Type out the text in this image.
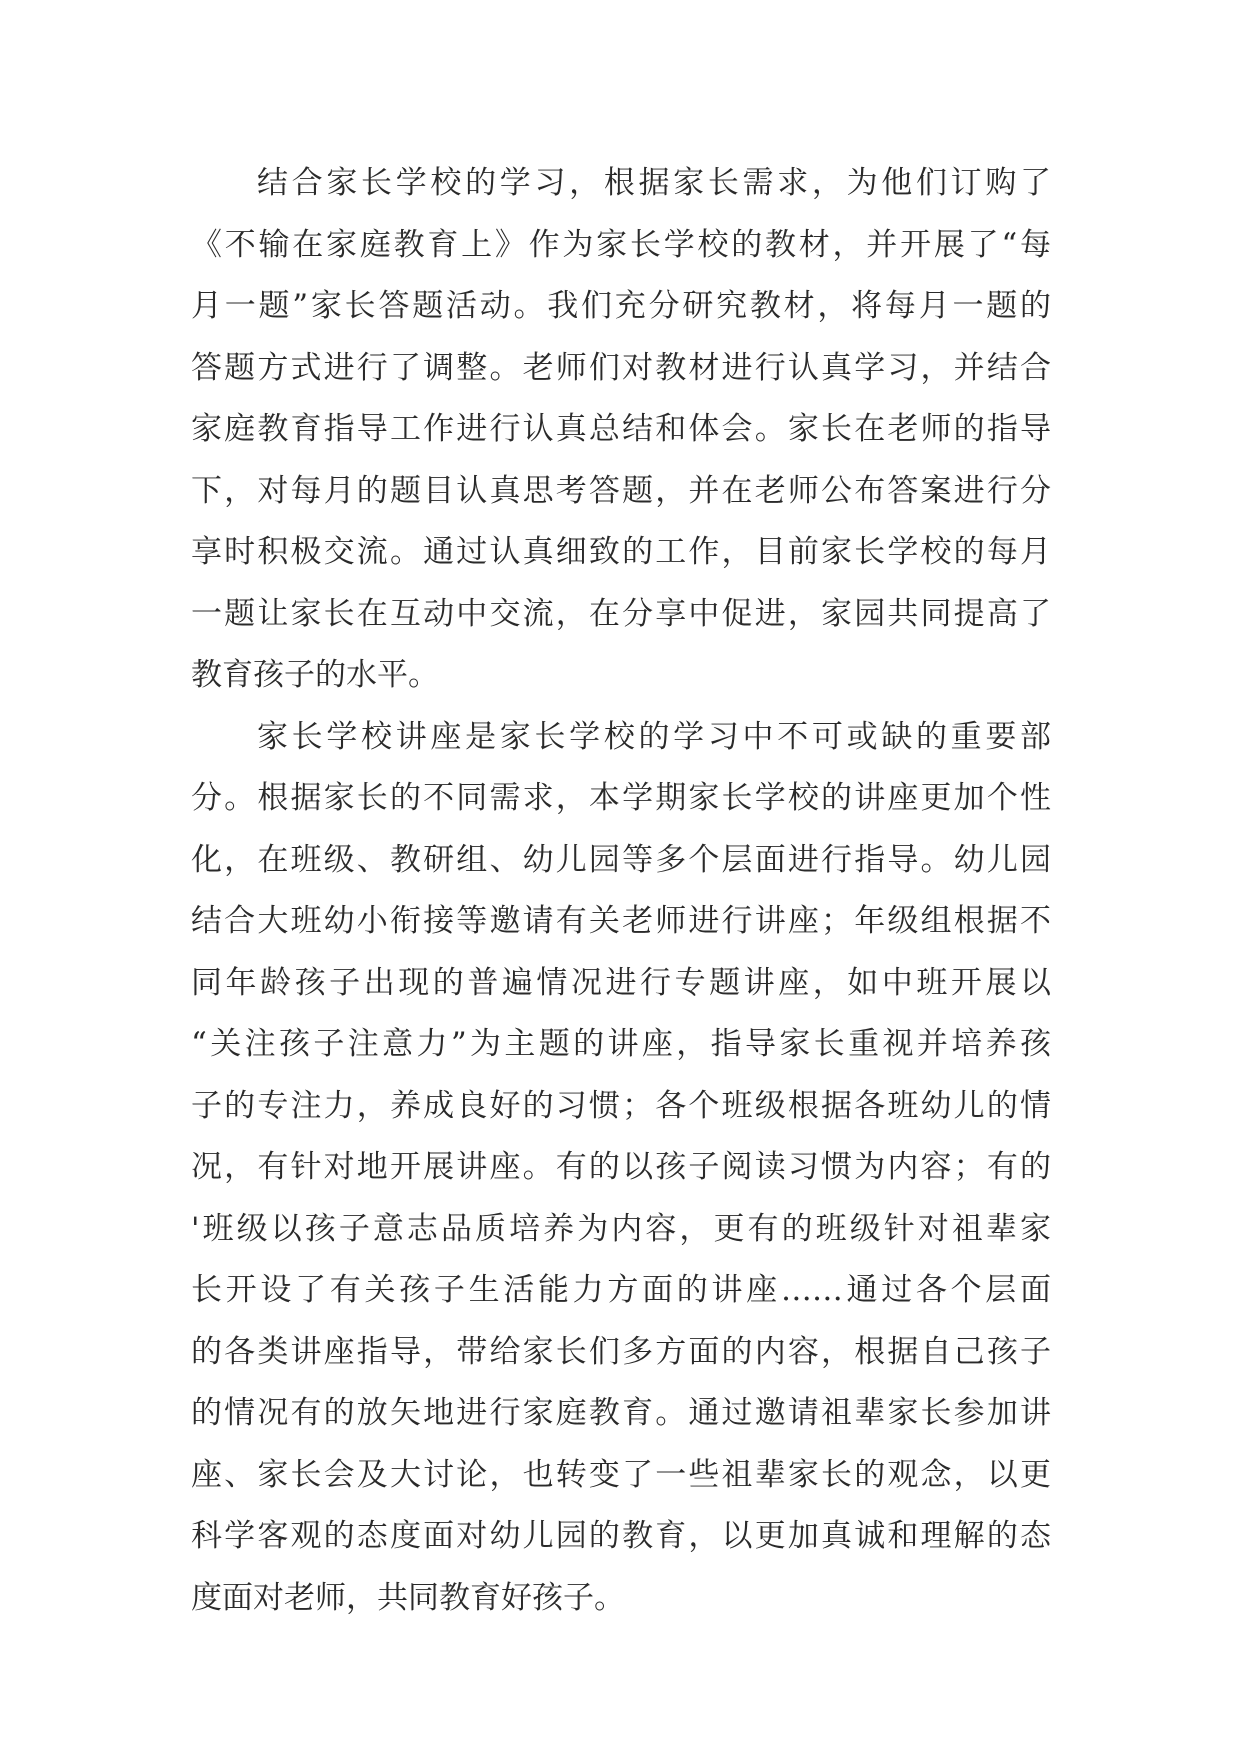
结合家长学校的学习，根据家长需求，为他们订购了
《不输在家庭教育上》作为家长学校的教材，并开展了“每
月一题”家长答题活动。我们充分研究教材，将每月一题的
答题方式进行了调整。老师们对教材进行认真学习，并结合
家庭教育指导工作进行认真总结和体会。家长在老师的指导
下，对每月的题目认真思考答题，并在老师公布答案进行分
享时积极交流。通过认真细致的工作，目前家长学校的每月
一题让家长在互动中交流，在分享中促进，家园共同提高了
教育孩子的水平。
家长学校讲座是家长学校的学习中不可或缺的重要部
分。根据家长的不同需求，本学期家长学校的讲座更加个性
化，在班级、教研组、幼儿园等多个层面进行指导。幼儿园
结合大班幼小衔接等邀请有关老师进行讲座；年级组根据不
同年龄孩子出现的普遍情况进行专题讲座，如中班开展以
“关注孩子注意力”为主题的讲座，指导家长重视并培养孩
子的专注力，养成良好的习惯；各个班级根据各班幼儿的情
况，有针对地开展讲座。有的以孩子阅读习惯为内容；有的
'班级以孩子意志品质培养为内容，更有的班级针对祖辈家
长开设了有关孩子生活能力方面的讲座……通过各个层面
的各类讲座指导，带给家长们多方面的内容，根据自己孩子
的情况有的放矢地进行家庭教育。通过邀请祖辈家长参加讲
座、家长会及大讨论，也转变了一些祖辈家长的观念，以更
科学客观的态度面对幼儿园的教育，以更加真诚和理解的态
度面对老师，共同教育好孩子。
